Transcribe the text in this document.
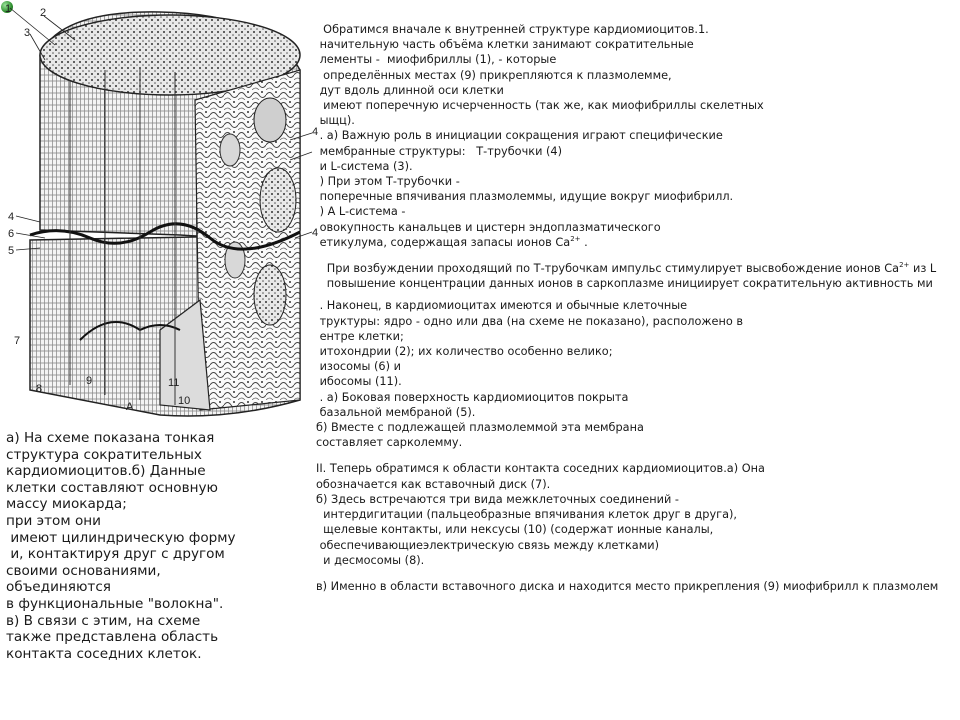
1	2
3
4
6
5
7
8
9	11
10
А
4
4
а) На схеме показана тонкая
структура сократительных
кардиомиоцитов.б) Данные
клетки составляют основную
массу миокарда;
при этом они
имеют цилиндрическую форму
и, контактируя друг с другом
своими основаниями,
объединяются
в функциональные "волокна".
в) В связи с этим, на схеме
также представлена область
контакта соседних клеток.
Обратимся вначале к внутренней структуре кардиомиоцитов.1.
начительную часть объёма клетки занимают сократительные
лементы -  миофибриллы (1), - которые
определённых местах (9) прикрепляются к плазмолемме,
дут вдоль длинной оси клетки
имеют поперечную исчерченность (так же, как миофибриллы скелетных
ыщц).
. а) Важную роль в инициации сокращения играют специфические
мембранные структуры:   Т-трубочки (4)
и L-система (3).
) При этом Т-трубочки -
поперечные впячивания плазмолеммы, идущие вокруг миофибрилл.
) А L-система -
овокупность канальцев и цистерн эндоплазматического
етикулума, содержащая запасы ионов $Са^{2+}$ .
При возбуждении проходящий по Т-трубочкам импульс стимулирует высвобождение ионов $Са^{2+}$ из L
повышение концентрации данных ионов в саркоплазме инициирует сократительную активность ми
. Наконец, в кардиомиоцитах имеются и обычные клеточные
труктуры: ядро - одно или два (на схеме не показано), расположено в
ентре клетки;
итохондрии (2); их количество особенно велико;
изосомы (6) и
ибосомы (11).
. а) Боковая поверхность кардиомиоцитов покрыта
базальной мембраной (5).
б) Вместе с подлежащей плазмолеммой эта мембрана
составляет сарколемму.
II. Теперь обратимся к области контакта соседних кардиомиоцитов.а) Она
обозначается как вставочный диск (7).
б) Здесь встречаются три вида межклеточных соединений -
интердигитации (пальцеобразные впячивания клеток друг в друга),
щелевые контакты, или нексусы (10) (содержат ионные каналы,
обеспечивающиеэлектрическую связь между клетками)
и десмосомы (8).
в) Именно в области вставочного диска и находится место прикрепления (9) миофибрилл к плазмолем
